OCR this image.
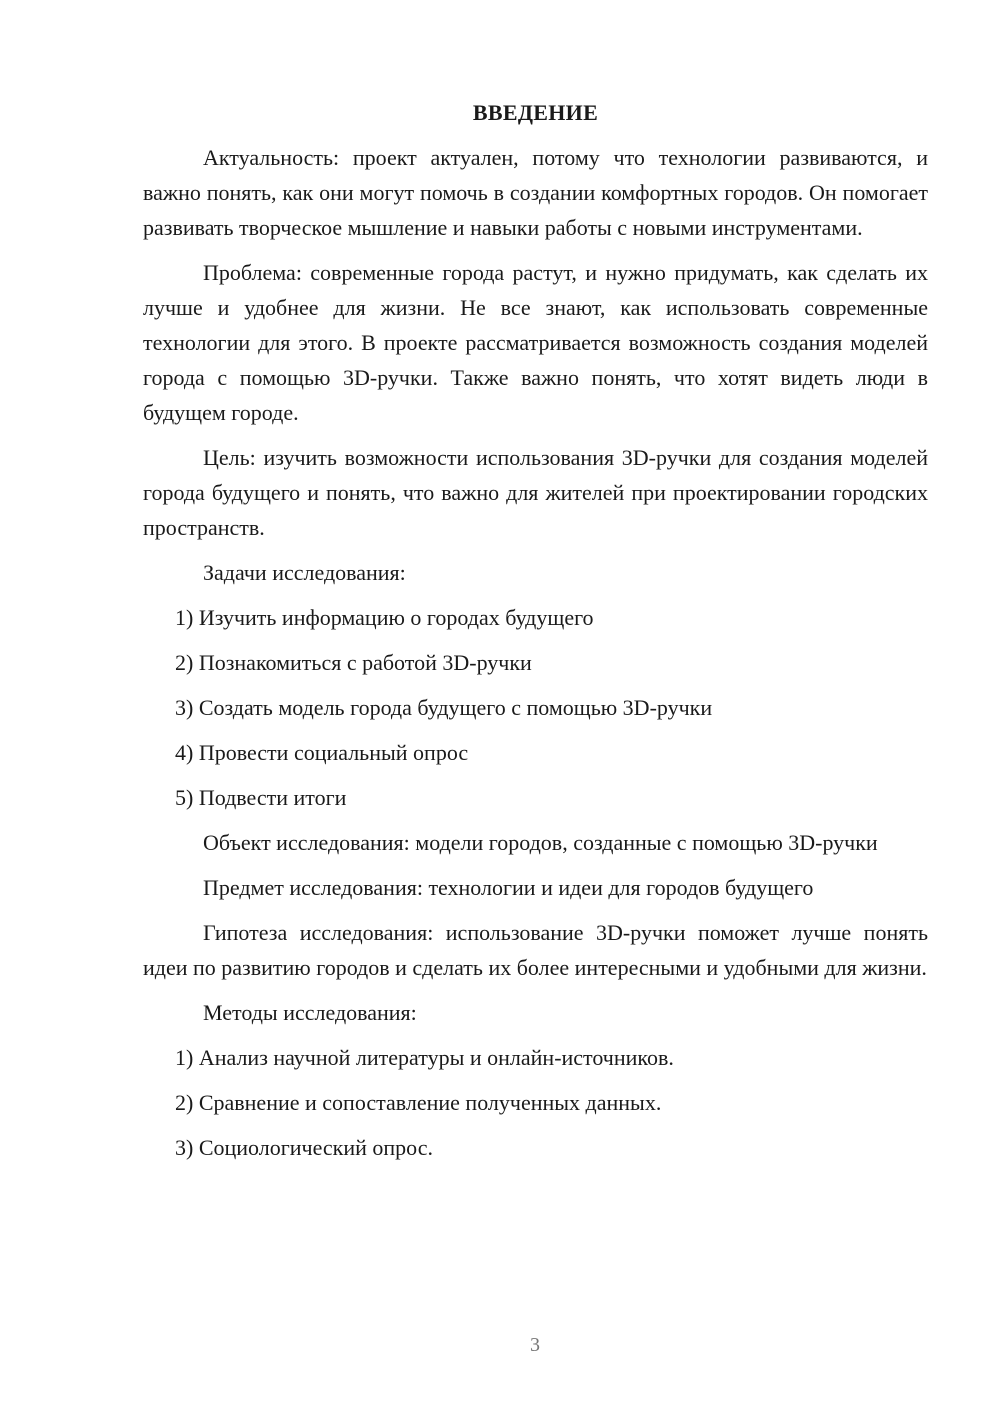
ВВЕДЕНИЕ

Актуальность: проект актуален, потому что технологии развиваются, и важно понять, как они могут помочь в создании комфортных городов. Он помогает развивать творческое мышление и навыки работы с новыми инструментами.

Проблема: современные города растут, и нужно придумать, как сделать их лучше и удобнее для жизни. Не все знают, как использовать современные технологии для этого. В проекте рассматривается возможность создания моделей города с помощью 3D-ручки. Также важно понять, что хотят видеть люди в будущем городе.

Цель: изучить возможности использования 3D-ручки для создания моделей города будущего и понять, что важно для жителей при проектировании городских пространств.

Задачи исследования:

1) Изучить информацию о городах будущего
2) Познакомиться с работой 3D-ручки
3) Создать модель города будущего с помощью 3D-ручки
4) Провести социальный опрос
5) Подвести итоги

Объект исследования: модели городов, созданные с помощью 3D-ручки

Предмет исследования: технологии и идеи для городов будущего

Гипотеза исследования: использование 3D-ручки поможет лучше понять идеи по развитию городов и сделать их более интересными и удобными для жизни.

Методы исследования:

1) Анализ научной литературы и онлайн-источников.
2) Сравнение и сопоставление полученных данных.
3) Социологический опрос.
3
